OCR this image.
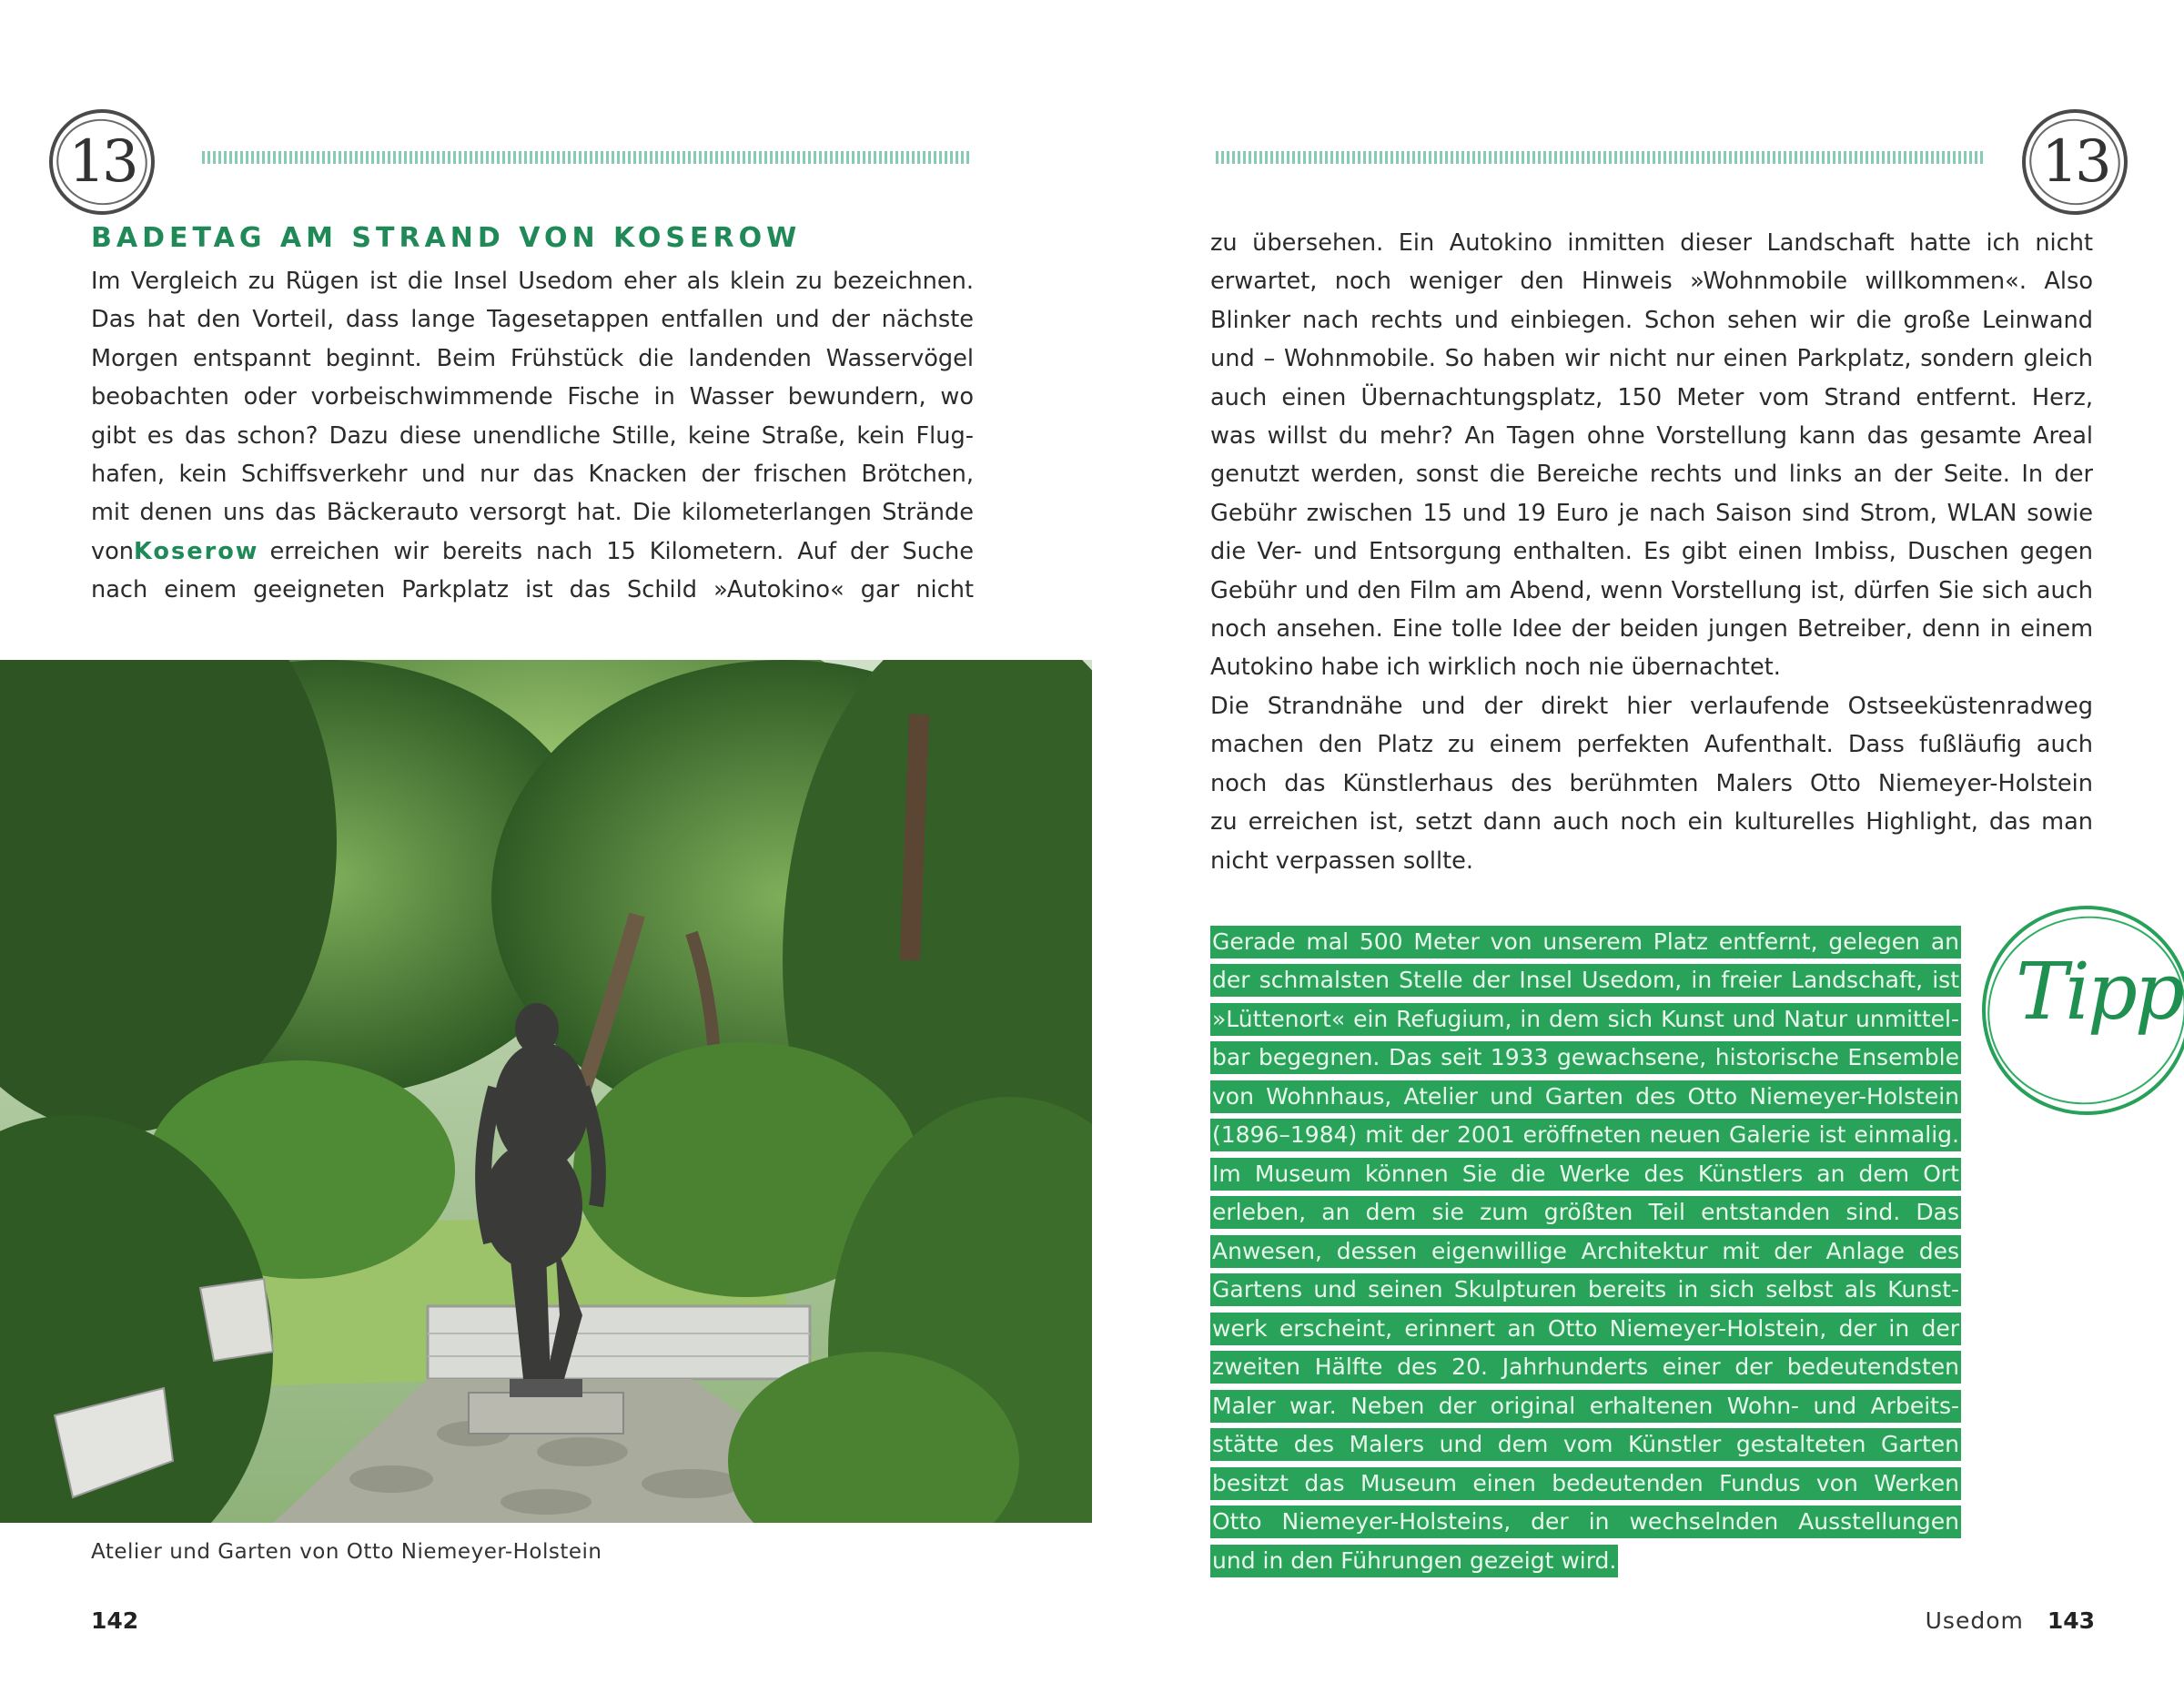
13
BADETAG AM STRAND VON KOSEROW
Im Vergleich zu Rügen ist die Insel Usedom eher als klein zu bezeichnen.
Das hat den Vorteil, dass lange Tagesetappen entfallen und der nächste
Morgen entspannt beginnt. Beim Frühstück die landenden Wasservögel
beobachten oder vorbeischwimmende Fische in Wasser bewundern, wo
gibt es das schon? Dazu diese unendliche Stille, keine Straße, kein Flug-
hafen, kein Schiffsverkehr und nur das Knacken der frischen Brötchen,
mit denen uns das Bäckerauto versorgt hat. Die kilometerlangen Strände
von Koserow erreichen wir bereits nach 15 Kilometern. Auf der Suche
nach einem geeigneten Parkplatz ist das Schild »Autokino« gar nicht
Atelier und Garten von Otto Niemeyer-Holstein
142
13
zu übersehen. Ein Autokino inmitten dieser Landschaft hatte ich nicht
erwartet, noch weniger den Hinweis »Wohnmobile willkommen«. Also
Blinker nach rechts und einbiegen. Schon sehen wir die große Leinwand
und – Wohnmobile. So haben wir nicht nur einen Parkplatz, sondern gleich
auch einen Übernachtungsplatz, 150 Meter vom Strand entfernt. Herz,
was willst du mehr? An Tagen ohne Vorstellung kann das gesamte Areal
genutzt werden, sonst die Bereiche rechts und links an der Seite. In der
Gebühr zwischen 15 und 19 Euro je nach Saison sind Strom, WLAN sowie
die Ver- und Entsorgung enthalten. Es gibt einen Imbiss, Duschen gegen
Gebühr und den Film am Abend, wenn Vorstellung ist, dürfen Sie sich auch
noch ansehen. Eine tolle Idee der beiden jungen Betreiber, denn in einem
Autokino habe ich wirklich noch nie übernachtet.
Die Strandnähe und der direkt hier verlaufende Ostseeküstenradweg
machen den Platz zu einem perfekten Aufenthalt. Dass fußläufig auch
noch das Künstlerhaus des berühmten Malers Otto Niemeyer-Holstein
zu erreichen ist, setzt dann auch noch ein kulturelles Highlight, das man
nicht verpassen sollte.
Gerade mal 500 Meter von unserem Platz entfernt, gelegen an
der schmalsten Stelle der Insel Usedom, in freier Landschaft, ist
»Lüttenort« ein Refugium, in dem sich Kunst und Natur unmittel-
bar begegnen. Das seit 1933 gewachsene, historische Ensemble
von Wohnhaus, Atelier und Garten des Otto Niemeyer-Holstein
(1896–1984) mit der 2001 eröffneten neuen Galerie ist einmalig.
Im Museum können Sie die Werke des Künstlers an dem Ort
erleben, an dem sie zum größten Teil entstanden sind. Das
Anwesen, dessen eigenwillige Architektur mit der Anlage des
Gartens und seinen Skulpturen bereits in sich selbst als Kunst-
werk erscheint, erinnert an Otto Niemeyer-Holstein, der in der
zweiten Hälfte des 20. Jahrhunderts einer der bedeutendsten
Maler war. Neben der original erhaltenen Wohn- und Arbeits-
stätte des Malers und dem vom Künstler gestalteten Garten
besitzt das Museum einen bedeutenden Fundus von Werken
Otto Niemeyer-Holsteins, der in wechselnden Ausstellungen
und in den Führungen gezeigt wird.
Tipp
Usedom 143
